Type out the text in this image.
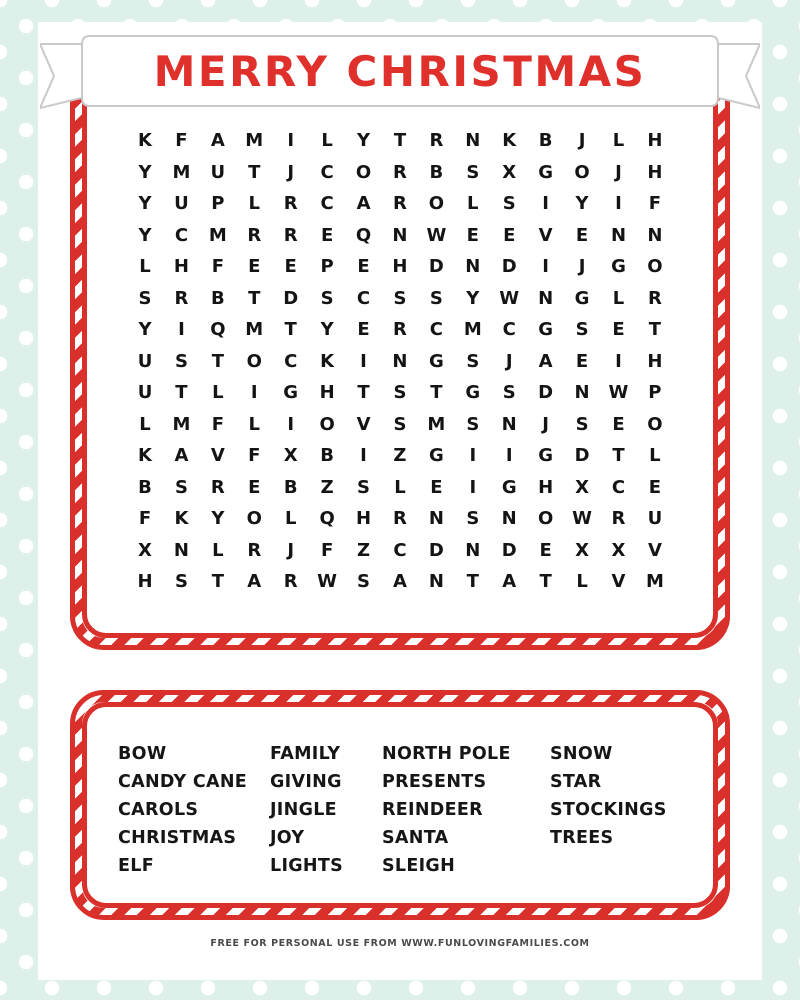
MERRY CHRISTMAS
K	F	A	M	I	L	Y	T	R	N	K	B	J	L	H
Y	M	U	T	J	C	O	R	B	S	X	G	O	J	H
Y	U	P	L	R	C	A	R	O	L	S	I	Y	I	F
Y	C	M	R	R	E	Q	N	W	E	E	V	E	N	N
L	H	F	E	E	P	E	H	D	N	D	I	J	G	O
S	R	B	T	D	S	C	S	S	Y	W	N	G	L	R
Y	I	Q	M	T	Y	E	R	C	M	C	G	S	E	T
U	S	T	O	C	K	I	N	G	S	J	A	E	I	H
U	T	L	I	G	H	T	S	T	G	S	D	N	W	P
L	M	F	L	I	O	V	S	M	S	N	J	S	E	O
K	A	V	F	X	B	I	Z	G	I	I	G	D	T	L
B	S	R	E	B	Z	S	L	E	I	G	H	X	C	E
F	K	Y	O	L	Q	H	R	N	S	N	O	W	R	U
X	N	L	R	J	F	Z	C	D	N	D	E	X	X	V
H	S	T	A	R	W	S	A	N	T	A	T	L	V	M
BOW
CANDY CANE
CAROLS
CHRISTMAS
ELF
FAMILY
GIVING
JINGLE
JOY
LIGHTS
NORTH POLE
PRESENTS
REINDEER
SANTA
SLEIGH
SNOW
STAR
STOCKINGS
TREES
FREE FOR PERSONAL USE FROM WWW.FUNLOVINGFAMILIES.COM
